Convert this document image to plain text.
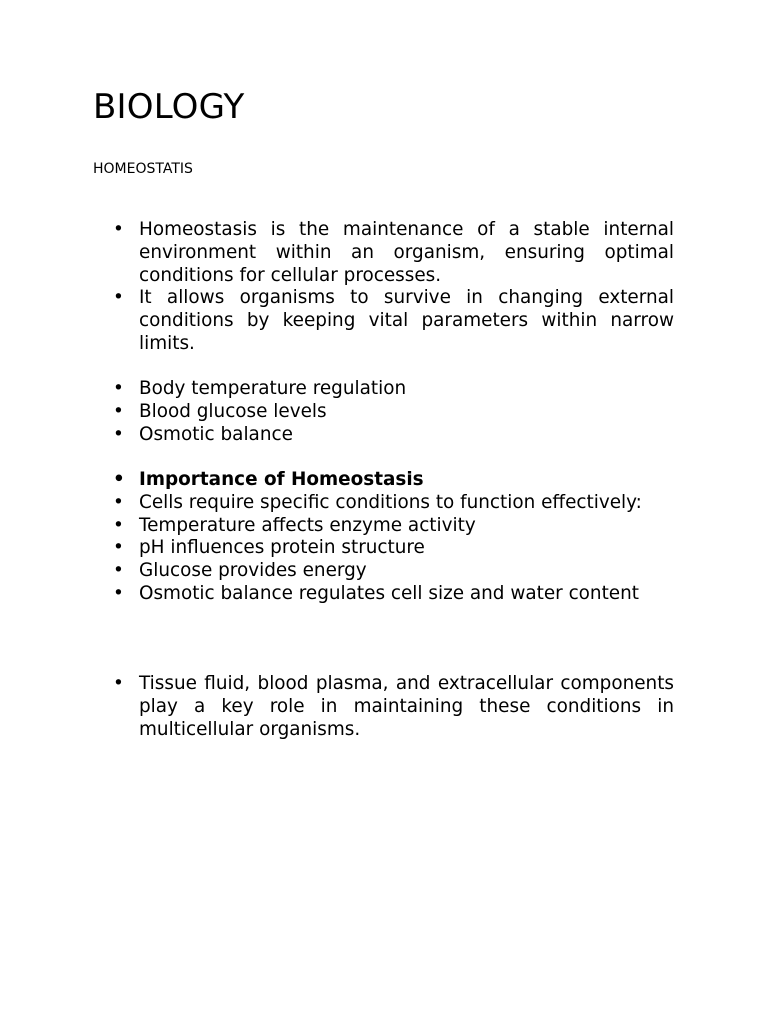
BIOLOGY

HOMEOSTATIS

• Homeostasis is the maintenance of a stable internal environment within an organism, ensuring optimal conditions for cellular processes.
• It allows organisms to survive in changing external conditions by keeping vital parameters within narrow limits.
• Body temperature regulation
• Blood glucose levels
• Osmotic balance
• Importance of Homeostasis
• Cells require specific conditions to function effectively:
• Temperature affects enzyme activity
• pH influences protein structure
• Glucose provides energy
• Osmotic balance regulates cell size and water content
• Tissue fluid, blood plasma, and extracellular components play a key role in maintaining these conditions in multicellular organisms.
